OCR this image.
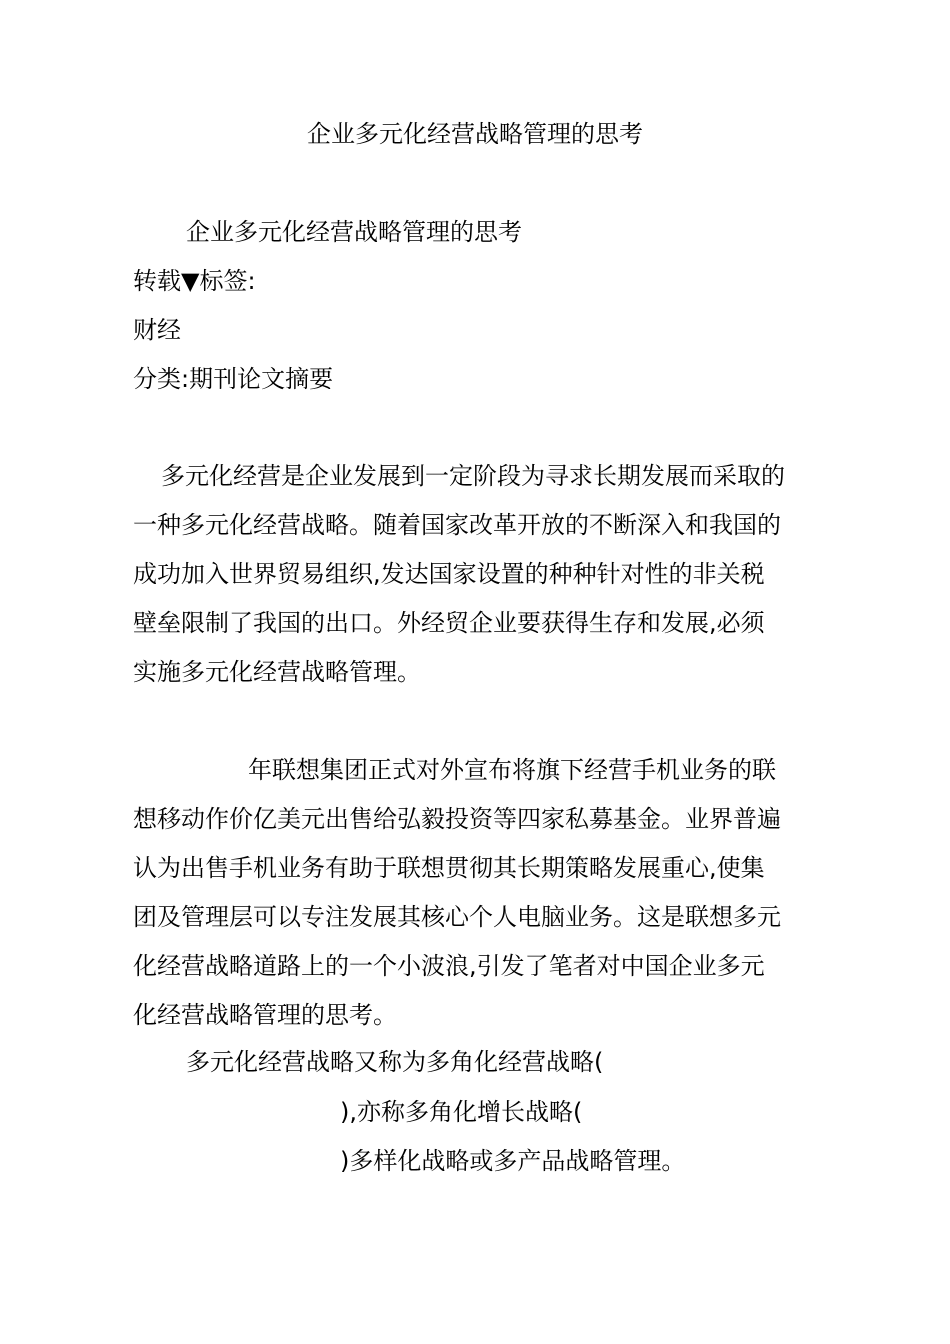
企业多元化经营战略管理的思考
企业多元化经营战略管理的思考
转载▼标签:
财经
分类:期刊论文摘要
多元化经营是企业发展到一定阶段为寻求长期发展而采取的
一种多元化经营战略。随着国家改革开放的不断深入和我国的
成功加入世界贸易组织,发达国家设置的种种针对性的非关税
壁垒限制了我国的出口。外经贸企业要获得生存和发展,必须
实施多元化经营战略管理。
年联想集团正式对外宣布将旗下经营手机业务的联
想移动作价亿美元出售给弘毅投资等四家私募基金。业界普遍
认为出售手机业务有助于联想贯彻其长期策略发展重心,使集
团及管理层可以专注发展其核心个人电脑业务。这是联想多元
化经营战略道路上的一个小波浪,引发了笔者对中国企业多元
化经营战略管理的思考。
多元化经营战略又称为多角化经营战略(
),亦称多角化增长战略(
)多样化战略或多产品战略管理。
